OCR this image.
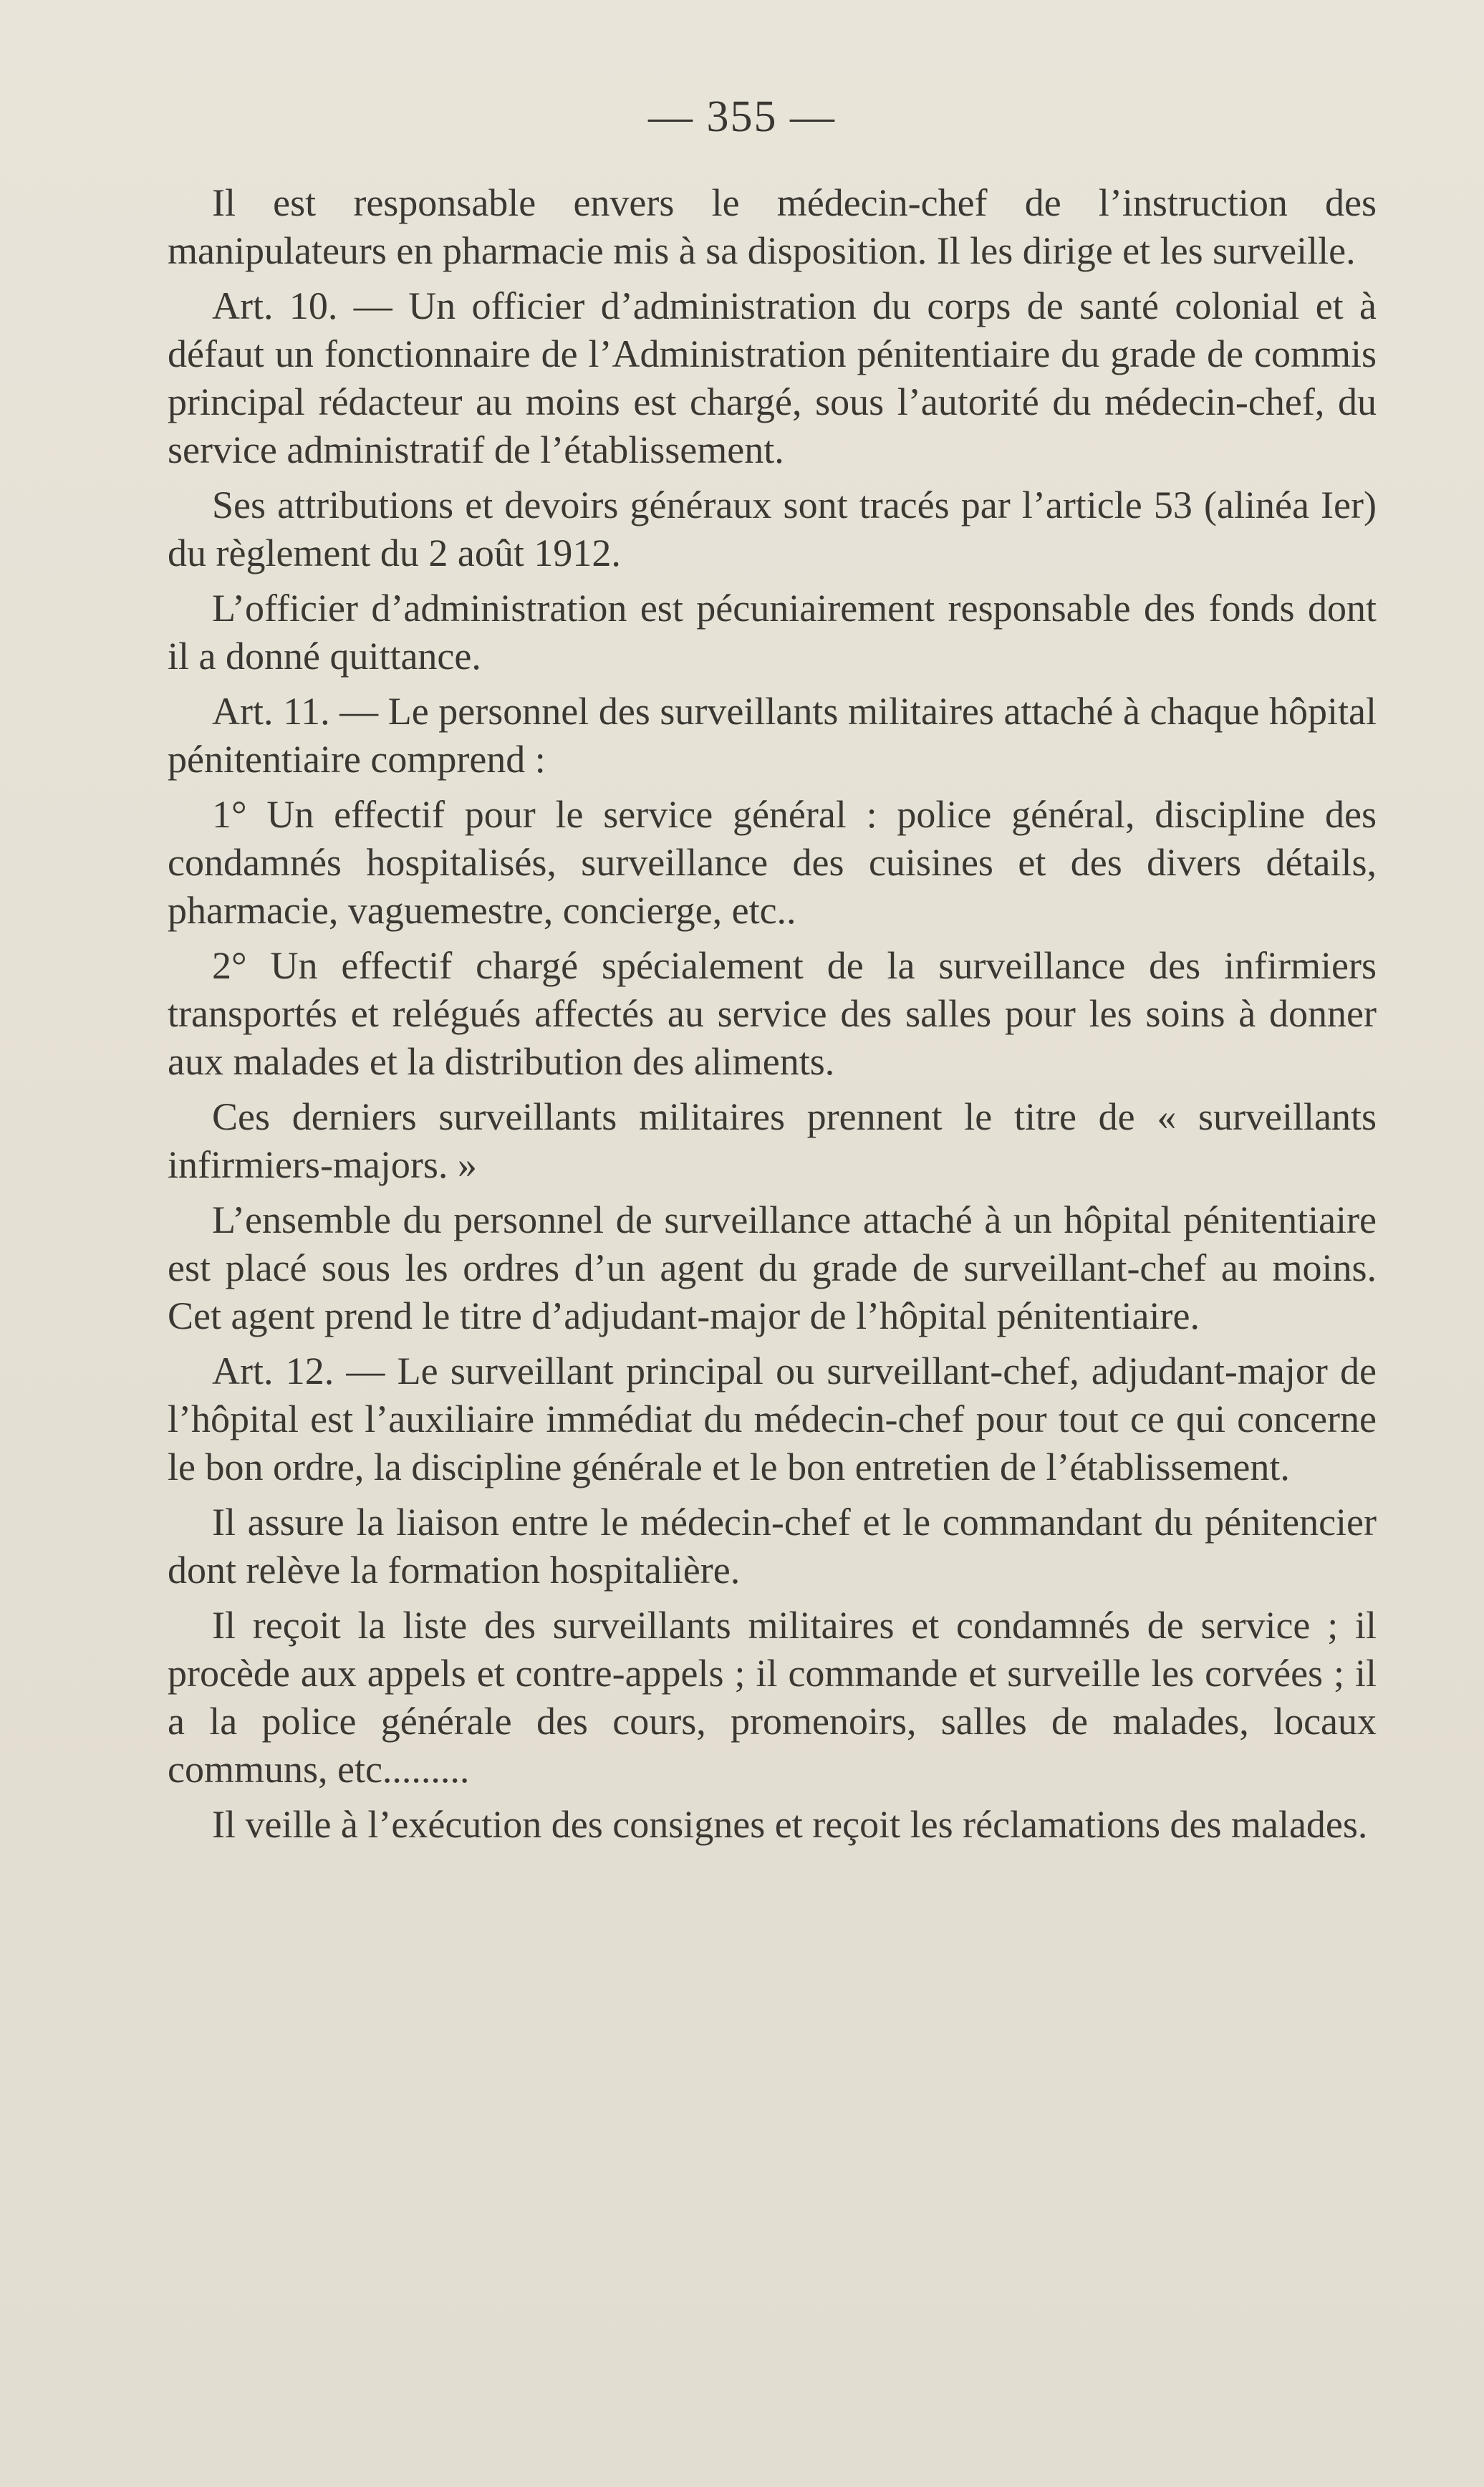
— 355 —

Il est responsable envers le médecin-chef de l’instruction des manipulateurs en pharmacie mis à sa disposition. Il les dirige et les surveille.

Art. 10. — Un officier d’administration du corps de santé colonial et à défaut un fonctionnaire de l’Administration pénitentiaire du grade de commis principal rédacteur au moins est chargé, sous l’autorité du médecin-chef, du service administratif de l’établissement.

Ses attributions et devoirs généraux sont tracés par l’article 53 (alinéa Ier) du règlement du 2 août 1912.

L’officier d’administration est pécuniairement responsable des fonds dont il a donné quittance.

Art. 11. — Le personnel des surveillants militaires attaché à chaque hôpital pénitentiaire comprend :

1° Un effectif pour le service général : police général, discipline des condamnés hospitalisés, surveillance des cuisines et des divers détails, pharmacie, vaguemestre, concierge, etc..

2° Un effectif chargé spécialement de la surveillance des infirmiers transportés et relégués affectés au service des salles pour les soins à donner aux malades et la distribution des aliments.

Ces derniers surveillants militaires prennent le titre de « surveillants infirmiers-majors. »

L’ensemble du personnel de surveillance attaché à un hôpital pénitentiaire est placé sous les ordres d’un agent du grade de surveillant-chef au moins. Cet agent prend le titre d’adjudant-major de l’hôpital pénitentiaire.

Art. 12. — Le surveillant principal ou surveillant-chef, adjudant-major de l’hôpital est l’auxiliaire immédiat du médecin-chef pour tout ce qui concerne le bon ordre, la discipline générale et le bon entretien de l’établissement.

Il assure la liaison entre le médecin-chef et le commandant du pénitencier dont relève la formation hospitalière.

Il reçoit la liste des surveillants militaires et condamnés de service ; il procède aux appels et contre-appels ; il commande et surveille les corvées ; il a la police générale des cours, promenoirs, salles de malades, locaux communs, etc.........

Il veille à l’exécution des consignes et reçoit les réclamations des malades.
